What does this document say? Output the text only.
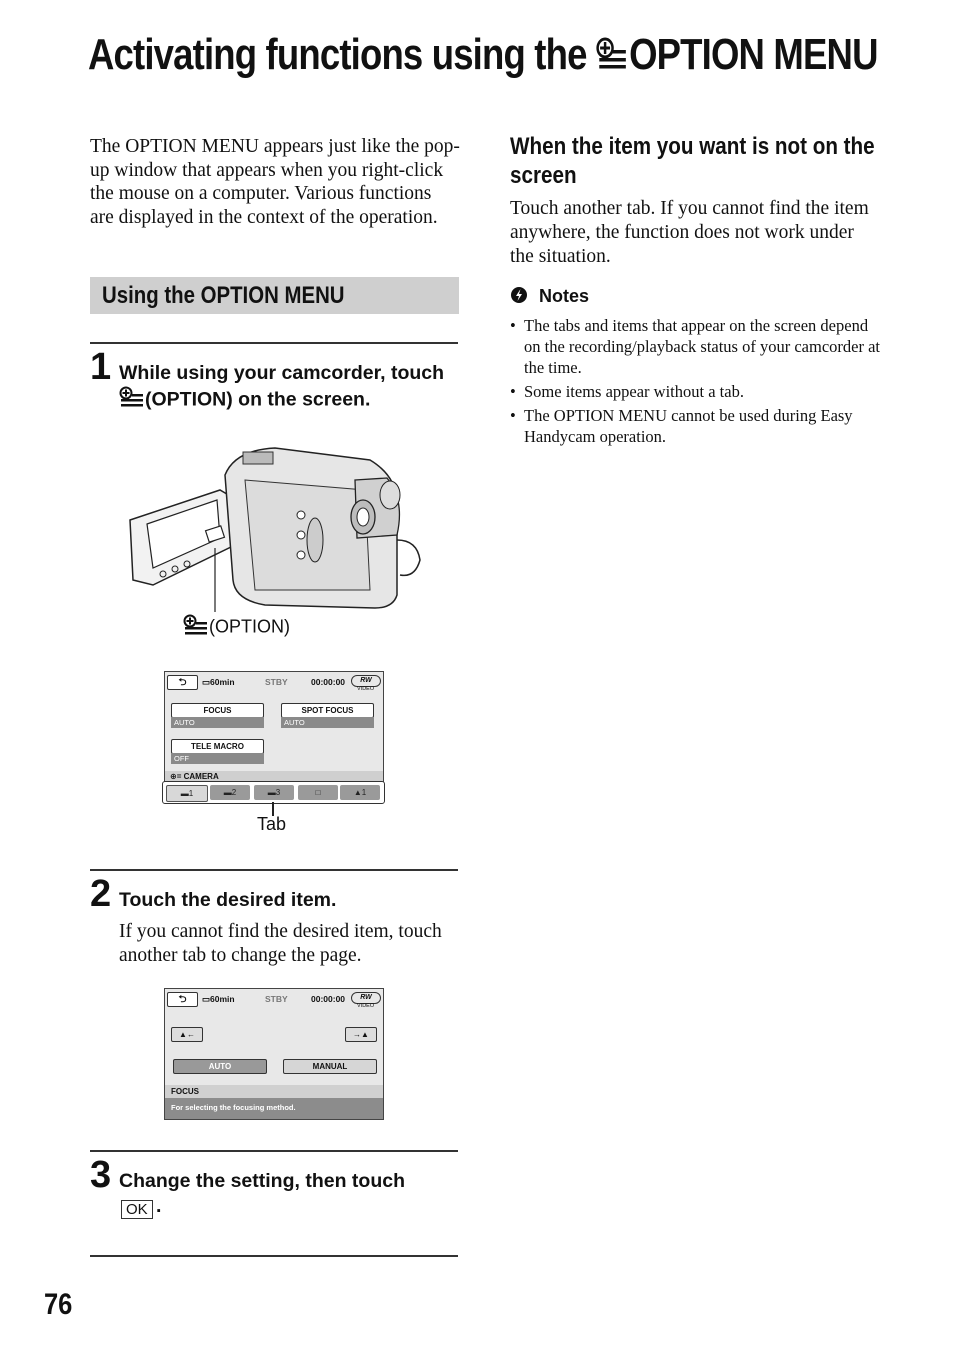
Activating functions using the OPTION MENU
The OPTION MENU appears just like the pop-up window that appears when you right-click the mouse on a computer. Various functions are displayed in the context of the operation.
Using the OPTION MENU
1 While using your camcorder, touch (OPTION) on the screen.
(OPTION)
⮌	▭60min	STBY	00:00:00	RW
VIDEO
FOCUS
AUTO
SPOT FOCUS
AUTO
TELE MACRO
OFF
⊕= CAMERA
▬1	▬2	▬3	□	▲1
Tab
2 Touch the desired item.
If you cannot find the desired item, touch another tab to change the page.
⮌	▭60min	STBY	00:00:00	RW
VIDEO
▲←	→▲
AUTO	MANUAL
FOCUS
For selecting the focusing method.
3 Change the setting, then touch
OK .
When the item you want is not on the screen
Touch another tab. If you cannot find the item anywhere, the function does not work under the situation.
Notes
• The tabs and items that appear on the screen depend on the recording/playback status of your camcorder at the time.
• Some items appear without a tab.
• The OPTION MENU cannot be used during Easy Handycam operation.
76
